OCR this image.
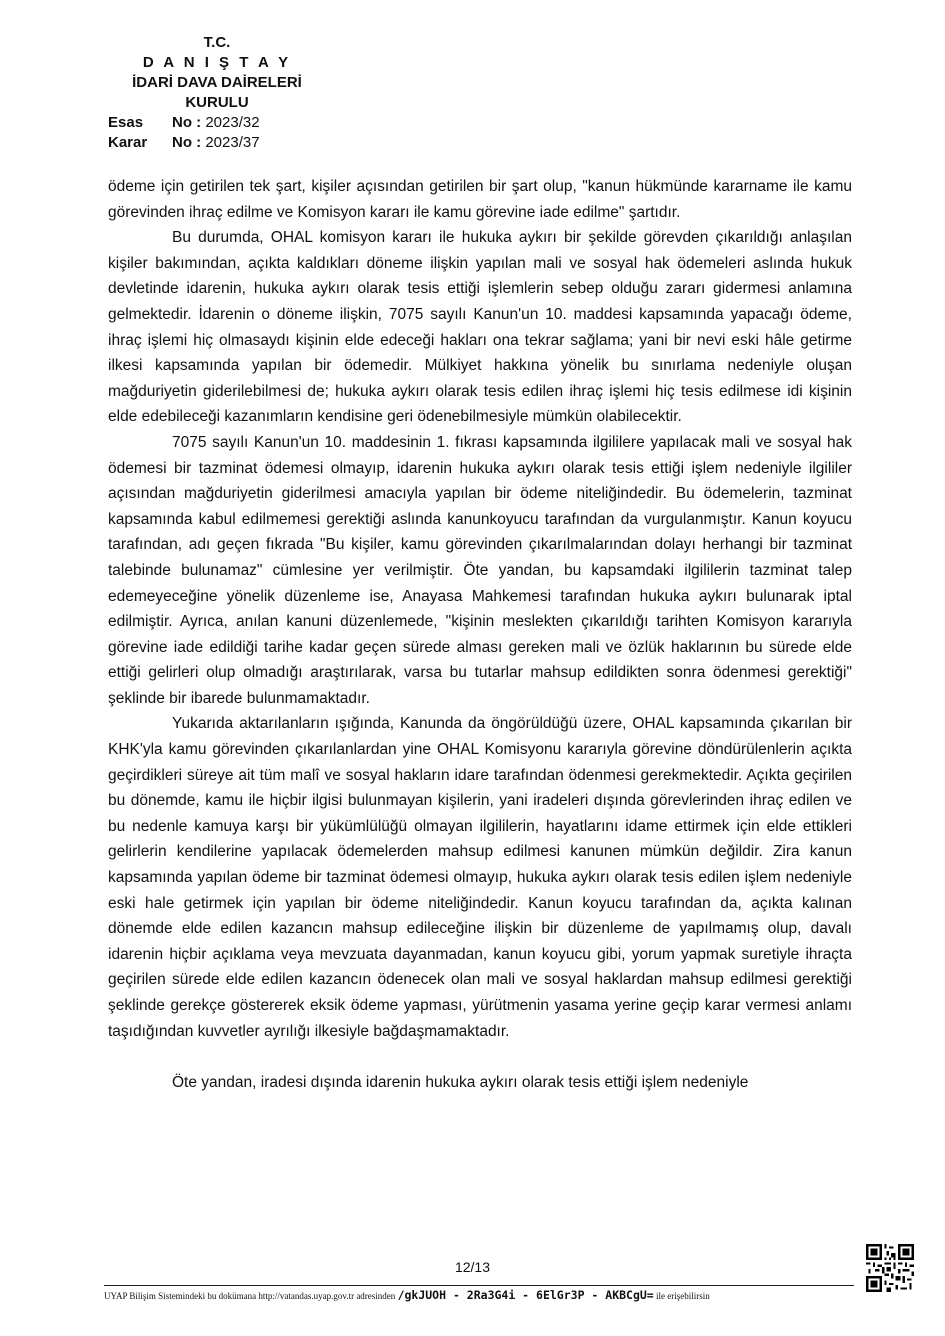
T.C.
D A N I Ş T A Y
İDARİ DAVA DAİRELERİ
KURULU
Esas No : 2023/32
Karar No : 2023/37

ödeme için getirilen tek şart, kişiler açısından getirilen bir şart olup, "kanun hükmünde kararname ile kamu görevinden ihraç edilme ve Komisyon kararı ile kamu görevine iade edilme" şartıdır.

Bu durumda, OHAL komisyon kararı ile hukuka aykırı bir şekilde görevden çıkarıldığı anlaşılan kişiler bakımından, açıkta kaldıkları döneme ilişkin yapılan mali ve sosyal hak ödemeleri aslında hukuk devletinde idarenin, hukuka aykırı olarak tesis ettiği işlemlerin sebep olduğu zararı gidermesi anlamına gelmektedir. İdarenin o döneme ilişkin, 7075 sayılı Kanun'un 10. maddesi kapsamında yapacağı ödeme, ihraç işlemi hiç olmasaydı kişinin elde edeceği hakları ona tekrar sağlama; yani bir nevi eski hâle getirme ilkesi kapsamında yapılan bir ödemedir. Mülkiyet hakkına yönelik bu sınırlama nedeniyle oluşan mağduriyetin giderilebilmesi de; hukuka aykırı olarak tesis edilen ihraç işlemi hiç tesis edilmese idi kişinin elde edebileceği kazanımların kendisine geri ödenebilmesiyle mümkün olabilecektir.

7075 sayılı Kanun'un 10. maddesinin 1. fıkrası kapsamında ilgililere yapılacak mali ve sosyal hak ödemesi bir tazminat ödemesi olmayıp, idarenin hukuka aykırı olarak tesis ettiği işlem nedeniyle ilgililer açısından mağduriyetin giderilmesi amacıyla yapılan bir ödeme niteliğindedir. Bu ödemelerin, tazminat kapsamında kabul edilmemesi gerektiği aslında kanunkoyucu tarafından da vurgulanmıştır. Kanun koyucu tarafından, adı geçen fıkrada "Bu kişiler, kamu görevinden çıkarılmalarından dolayı herhangi bir tazminat talebinde bulunamaz" cümlesine yer verilmiştir. Öte yandan, bu kapsamdaki ilgililerin tazminat talep edemeyeceğine yönelik düzenleme ise, Anayasa Mahkemesi tarafından hukuka aykırı bulunarak iptal edilmiştir. Ayrıca, anılan kanuni düzenlemede, "kişinin meslekten çıkarıldığı tarihten Komisyon kararıyla görevine iade edildiği tarihe kadar geçen sürede alması gereken mali ve özlük haklarının bu sürede elde ettiği gelirleri olup olmadığı araştırılarak, varsa bu tutarlar mahsup edildikten sonra ödenmesi gerektiği" şeklinde bir ibarede bulunmamaktadır.

Yukarıda aktarılanların ışığında, Kanunda da öngörüldüğü üzere, OHAL kapsamında çıkarılan bir KHK'yla kamu görevinden çıkarılanlardan yine OHAL Komisyonu kararıyla görevine döndürülenlerin açıkta geçirdikleri süreye ait tüm malî ve sosyal hakların idare tarafından ödenmesi gerekmektedir. Açıkta geçirilen bu dönemde, kamu ile hiçbir ilgisi bulunmayan kişilerin, yani iradeleri dışında görevlerinden ihraç edilen ve bu nedenle kamuya karşı bir yükümlülüğü olmayan ilgililerin, hayatlarını idame ettirmek için elde ettikleri gelirlerin kendilerine yapılacak ödemelerden mahsup edilmesi kanunen mümkün değildir. Zira kanun kapsamında yapılan ödeme bir tazminat ödemesi olmayıp, hukuka aykırı olarak tesis edilen işlem nedeniyle eski hale getirmek için yapılan bir ödeme niteliğindedir. Kanun koyucu tarafından da, açıkta kalınan dönemde elde edilen kazancın mahsup edileceğine ilişkin bir düzenleme de yapılmamış olup, davalı idarenin hiçbir açıklama veya mevzuata dayanmadan, kanun koyucu gibi, yorum yapmak suretiyle ihraçta geçirilen sürede elde edilen kazancın ödenecek olan mali ve sosyal haklardan mahsup edilmesi gerektiği şeklinde gerekçe göstererek eksik ödeme yapması, yürütmenin yasama yerine geçip karar vermesi anlamı taşıdığından kuvvetler ayrılığı ilkesiyle bağdaşmamaktadır.

Öte yandan, iradesi dışında idarenin hukuka aykırı olarak tesis ettiği işlem nedeniyle

12/13
UYAP Bilişim Sistemindeki bu dokümana http://vatandas.uyap.gov.tr adresinden /gkJUOH - 2Ra3G4i - 6ElGr3P - AKBCgU= ile erişebilirsin
